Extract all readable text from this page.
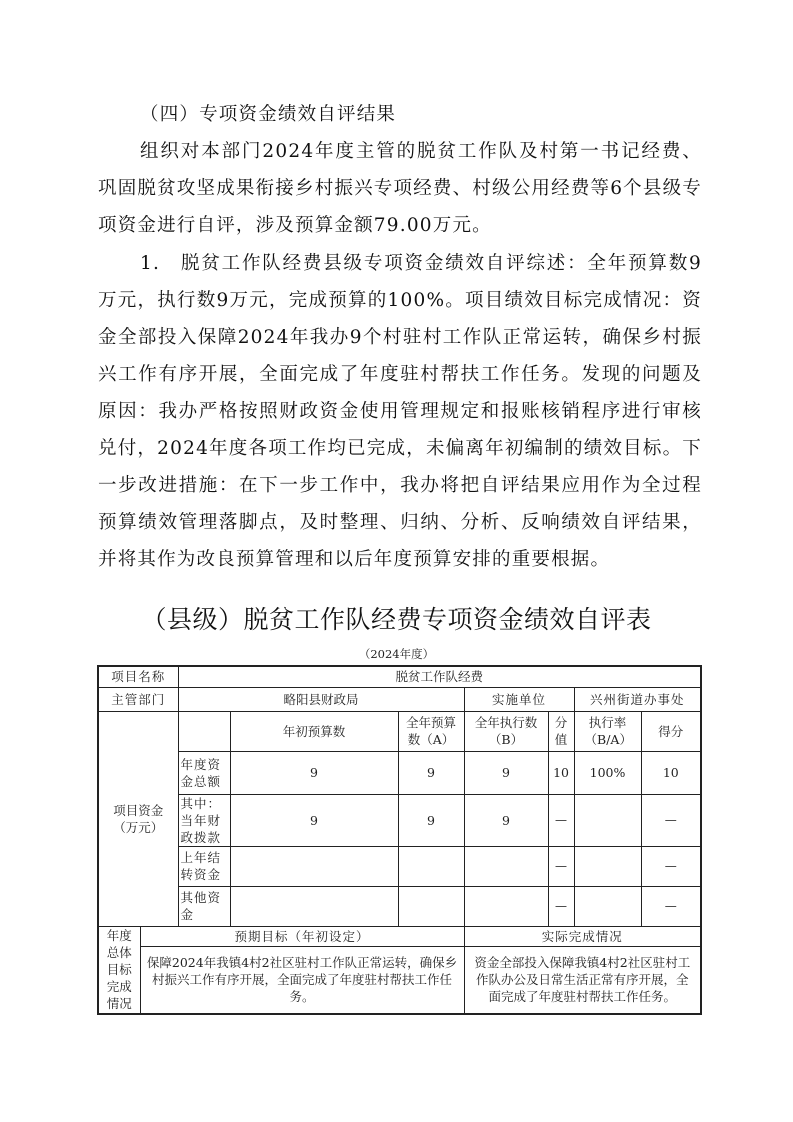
（四）专项资金绩效自评结果
组织对本部门2024年度主管的脱贫工作队及村第一书记经费、巩固脱贫攻坚成果衔接乡村振兴专项经费、村级公用经费等6个县级专项资金进行自评，涉及预算金额79.00万元。
1.　脱贫工作队经费县级专项资金绩效自评综述：全年预算数9万元，执行数9万元，完成预算的100%。项目绩效目标完成情况：资金全部投入保障2024年我办9个村驻村工作队正常运转，确保乡村振兴工作有序开展，全面完成了年度驻村帮扶工作任务。发现的问题及原因：我办严格按照财政资金使用管理规定和报账核销程序进行审核兑付，2024年度各项工作均已完成，未偏离年初编制的绩效目标。下一步改进措施：在下一步工作中，我办将把自评结果应用作为全过程预算绩效管理落脚点，及时整理、归纳、分析、反响绩效自评结果，并将其作为改良预算管理和以后年度预算安排的重要根据。
（县级）脱贫工作队经费专项资金绩效自评表
（2024年度）
项目名称		脱贫工作队经费						
主管部门		略阳县财政局			实施单位		兴州街道办事处	
项目资金（万元）			年初预算数	全年预算数（A）	全年执行数（B）	分值	执行率（B/A）	得分
		年度资金总额	9	9	9	10	100%	10
		其中：当年财政拨款	9	9	9	—		—
		上年结转资金				—		—
		其他资金				—		—
年度总体目标完成情况	预期目标（年初设定）				实际完成情况			
	保障2024年我镇4村2社区驻村工作队正常运转，确保乡村振兴工作有序开展，全面完成了年度驻村帮扶工作任务。				资金全部投入保障我镇4村2社区驻村工作队办公及日常生活正常有序开展，全面完成了年度驻村帮扶工作任务。			
